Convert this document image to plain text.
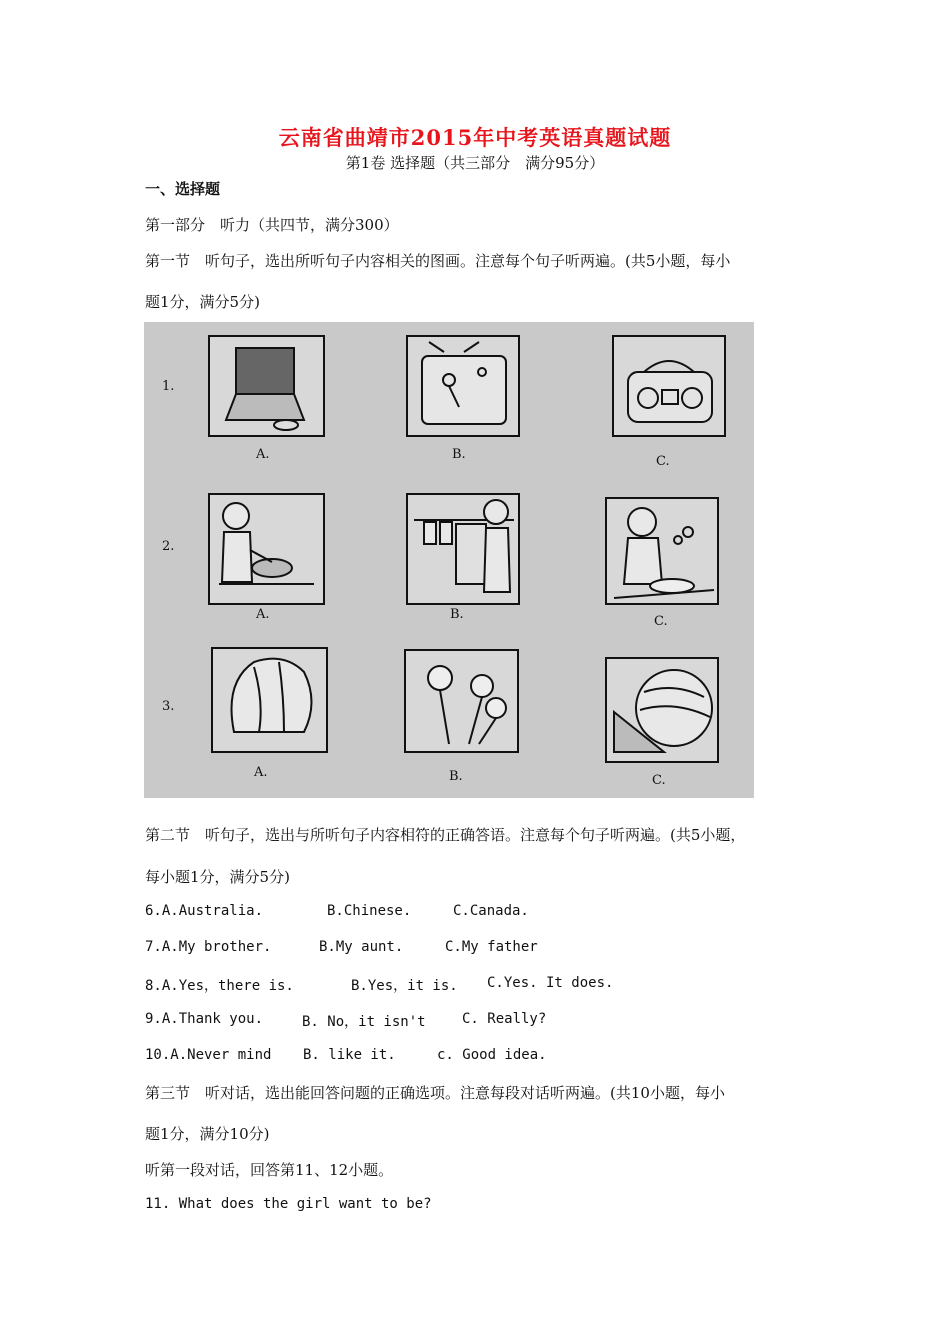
云南省曲靖市2015年中考英语真题试题
第1卷 选择题（共三部分　满分95分）
一、选择题
第一部分　听力（共四节，满分300）
第一节　听句子，选出所听句子内容相关的图画。注意每个句子听两遍。(共5小题，每小
题1分，满分5分)
1.
A.	B.	C.
2.
A.	B.	C.
3.
A.	B.	C.
第二节　听句子，选出与所听句子内容相符的正确答语。注意每个句子听两遍。(共5小题，
每小题1分，满分5分)
6.A.Australia.	B.Chinese.	C.Canada.
7.A.My brother.	B.My aunt.	C.My father
8.A.Yes，there is.	B.Yes，it is. C.Yes. It does.
9.A.Thank you.	B. No，it isn't	C. Really?
10.A.Never mind B. like it.	c. Good idea.
第三节　听对话，选出能回答问题的正确选项。注意每段对话听两遍。(共10小题，每小
题1分，满分10分)
听第一段对话，回答第11、12小题。
11. What does the girl want to be?
